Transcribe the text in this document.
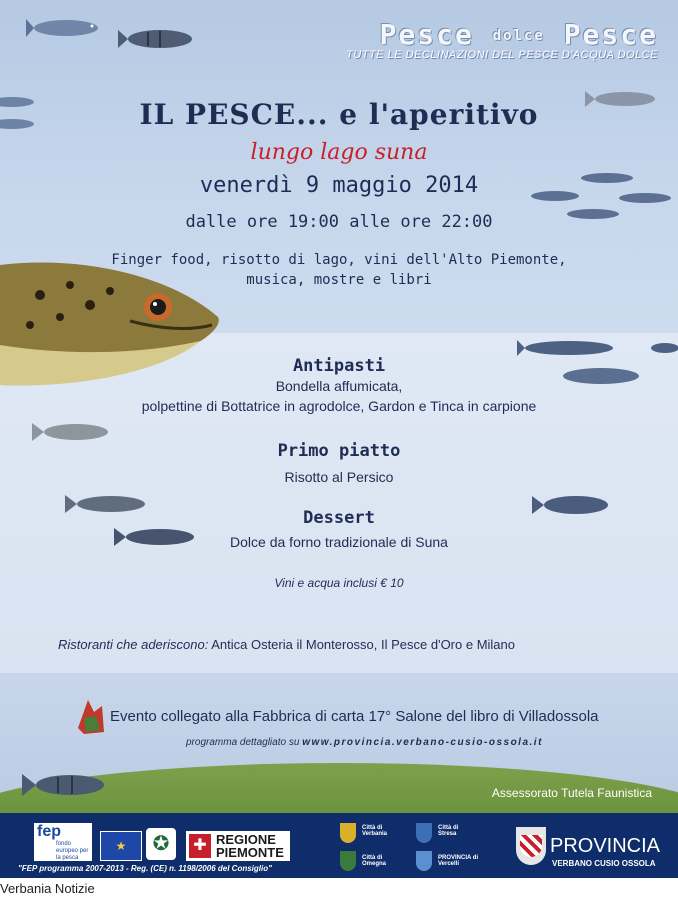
Pesce dolce Pesce
TUTTE LE DECLINAZIONI DEL PESCE D'ACQUA DOLCE
IL PESCE... e l'aperitivo
lungo lago suna
venerdì 9 maggio 2014
dalle ore 19:00 alle ore 22:00
Finger food, risotto di lago, vini dell'Alto Piemonte,
musica, mostre e libri
Antipasti
Bondella affumicata,
polpettine di Bottatrice in agrodolce, Gardon e Tinca in carpione
Primo piatto
Risotto al Persico
Dessert
Dolce da forno tradizionale di Suna
Vini e acqua inclusi € 10
Ristoranti che aderiscono: Antica Osteria il Monterosso, Il Pesce d'Oro e Milano
Evento collegato alla Fabbrica di carta 17° Salone del libro di Villadossola
programma dettagliato su www.provincia.verbano-cusio-ossola.it
Assessorato Tutela Faunistica
fep
fondo europeo per la pesca
★	✪	✚ REGIONE
PIEMONTE
"FEP programma 2007-2013 - Reg. (CE) n. 1198/2006 del Consiglio"
Città di Verbania
Città di Omegna
Città di Stresa
PROVINCIA di Vercelli
PROVINCIA
VERBANO CUSIO OSSOLA
Verbania Notizie
